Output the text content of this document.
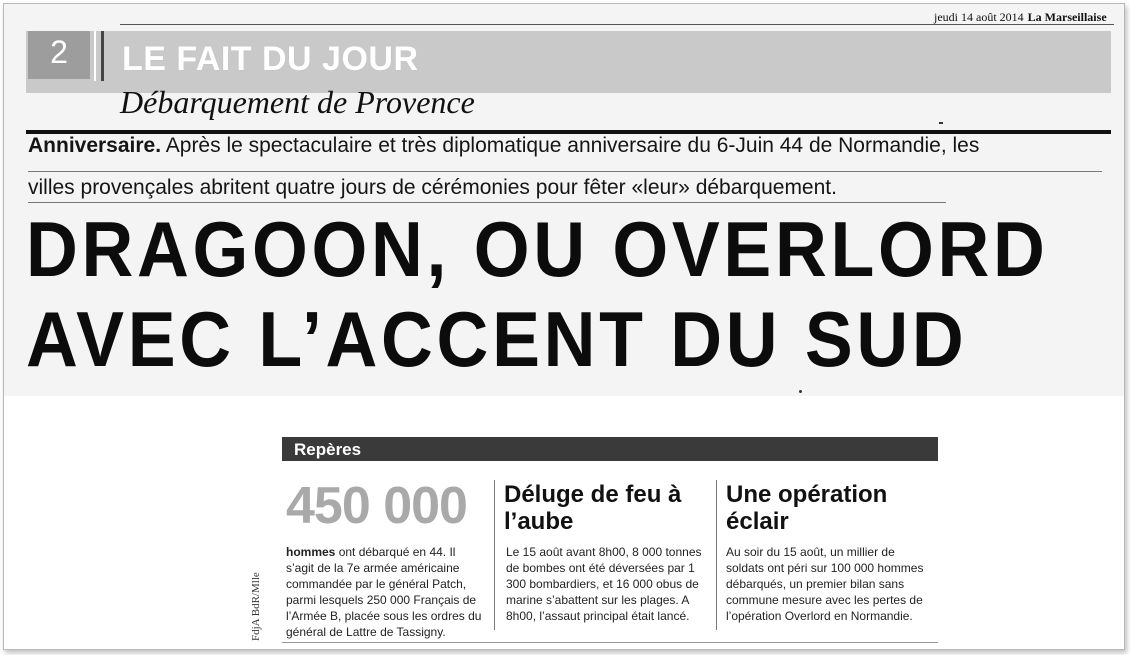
jeudi 14 août 2014 La Marseillaise
2	LE FAIT DU JOUR
Débarquement de Provence
Anniversaire. Après le spectaculaire et très diplomatique anniversaire du 6-Juin 44 de Normandie, les
villes provençales abritent quatre jours de cérémonies pour fêter «leur» débarquement.
DRAGOON, OU OVERLORD
AVEC L’ACCENT DU SUD
Repères
450 000
hommes ont débarqué en 44. Il s’agit de la 7e armée américaine commandée par le général Patch, parmi lesquels 250 000 Français de l’Armée B, placée sous les ordres du général de Lattre de Tassigny.
Déluge de feu à l’aube
Le 15 août avant 8h00, 8 000 tonnes de bombes ont été déversées par 1 300 bombardiers, et 16 000 obus de marine s’abattent sur les plages. A 8h00, l’assaut principal était lancé.
Une opération éclair
Au soir du 15 août, un millier de soldats ont péri sur 100 000 hommes débarqués, un premier bilan sans commune mesure avec les pertes de l’opération Overlord en Normandie.
FdjA BdR/Mlle
